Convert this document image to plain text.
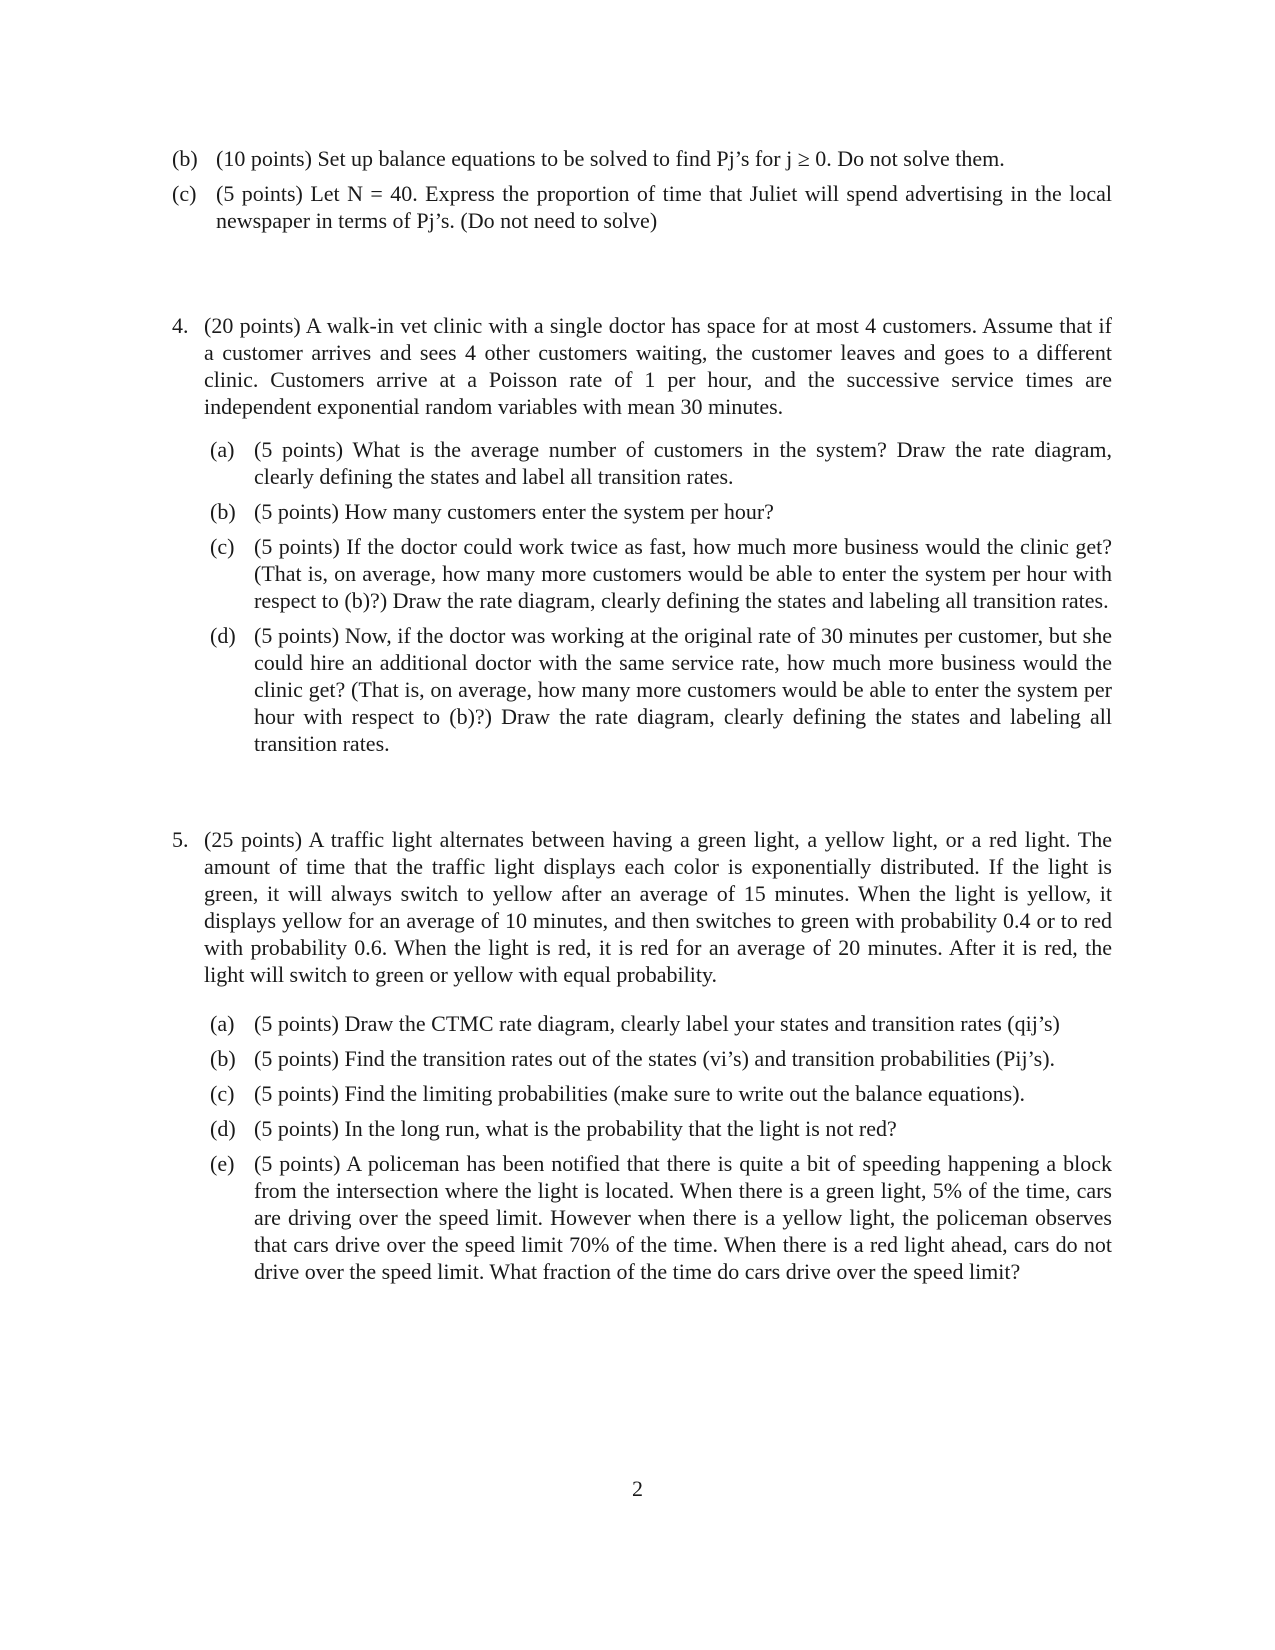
(b) (10 points) Set up balance equations to be solved to find Pj’s for j ≥ 0. Do not solve them.
(c) (5 points) Let N = 40. Express the proportion of time that Juliet will spend advertising in the local newspaper in terms of Pj’s. (Do not need to solve)
4. (20 points) A walk-in vet clinic with a single doctor has space for at most 4 customers. Assume that if a customer arrives and sees 4 other customers waiting, the customer leaves and goes to a different clinic. Customers arrive at a Poisson rate of 1 per hour, and the successive service times are independent exponential random variables with mean 30 minutes.
(a) (5 points) What is the average number of customers in the system? Draw the rate diagram, clearly defining the states and label all transition rates.
(b) (5 points) How many customers enter the system per hour?
(c) (5 points) If the doctor could work twice as fast, how much more business would the clinic get? (That is, on average, how many more customers would be able to enter the system per hour with respect to (b)?) Draw the rate diagram, clearly defining the states and labeling all transition rates.
(d) (5 points) Now, if the doctor was working at the original rate of 30 minutes per customer, but she could hire an additional doctor with the same service rate, how much more business would the clinic get? (That is, on average, how many more customers would be able to enter the system per hour with respect to (b)?) Draw the rate diagram, clearly defining the states and labeling all transition rates.
5. (25 points) A traffic light alternates between having a green light, a yellow light, or a red light. The amount of time that the traffic light displays each color is exponentially distributed. If the light is green, it will always switch to yellow after an average of 15 minutes. When the light is yellow, it displays yellow for an average of 10 minutes, and then switches to green with probability 0.4 or to red with probability 0.6. When the light is red, it is red for an average of 20 minutes. After it is red, the light will switch to green or yellow with equal probability.
(a) (5 points) Draw the CTMC rate diagram, clearly label your states and transition rates (qij’s)
(b) (5 points) Find the transition rates out of the states (vi’s) and transition probabilities (Pij’s).
(c) (5 points) Find the limiting probabilities (make sure to write out the balance equations).
(d) (5 points) In the long run, what is the probability that the light is not red?
(e) (5 points) A policeman has been notified that there is quite a bit of speeding happening a block from the intersection where the light is located. When there is a green light, 5% of the time, cars are driving over the speed limit. However when there is a yellow light, the policeman observes that cars drive over the speed limit 70% of the time. When there is a red light ahead, cars do not drive over the speed limit. What fraction of the time do cars drive over the speed limit?
2
